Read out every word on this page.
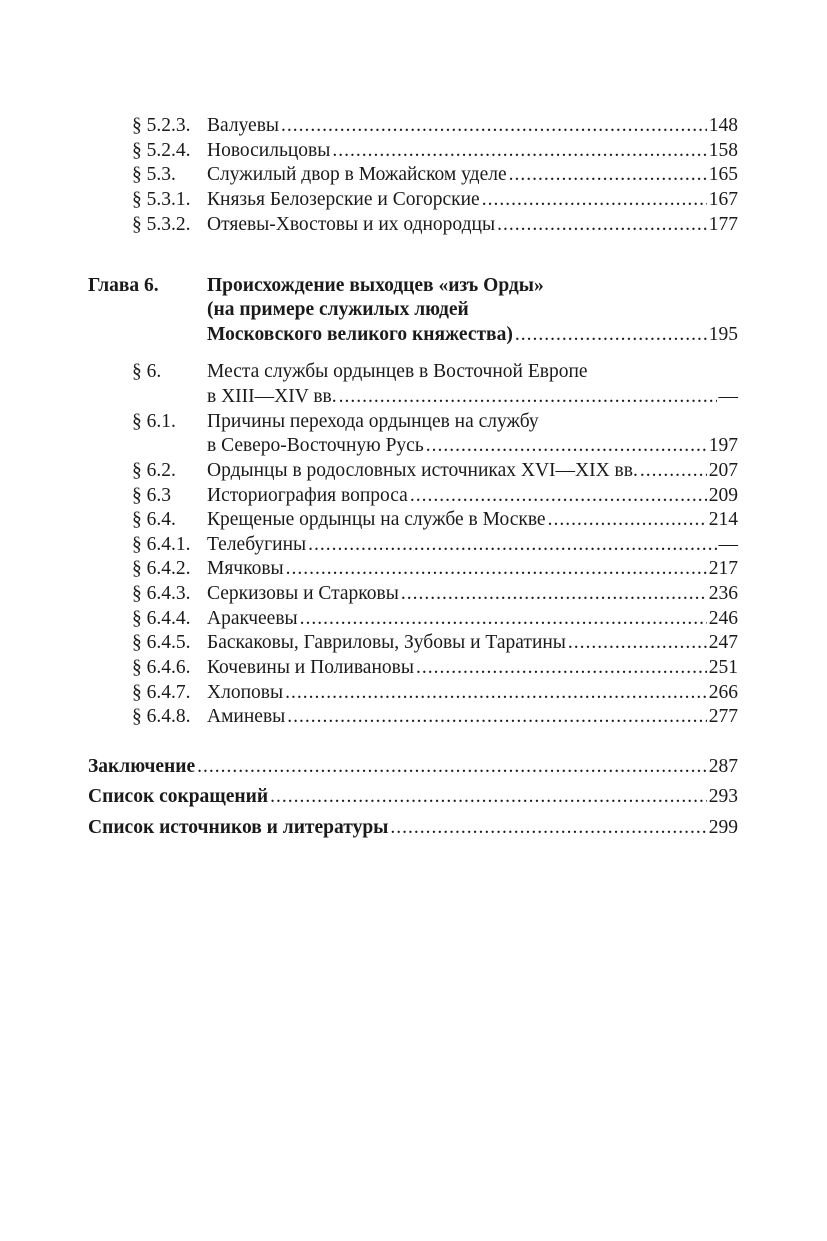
§ 5.2.3. Валуевы .....	148
§ 5.2.4. Новосильцовы .....	158
§ 5.3. Служилый двор в Можайском уделе .....	165
§ 5.3.1. Князья Белозерские и Согорские .....	167
§ 5.3.2. Отяевы-Хвостовы и их однородцы .....	177
Глава 6. Происхождение выходцев «изъ Орды»
(на примере служилых людей
Московского великого княжества) .....	195
§ 6. Места службы ордынцев в Восточной Европе
в XIII—XIV вв. .....	—
§ 6.1. Причины перехода ордынцев на службу
в Северо-Восточную Русь .....	197
§ 6.2. Ордынцы в родословных источниках XVI—XIX вв. .....	207
§ 6.3 Историография вопроса .....	209
§ 6.4. Крещеные ордынцы на службе в Москве .....	214
§ 6.4.1. Телебугины .....	—
§ 6.4.2. Мячковы .....	217
§ 6.4.3. Серкизовы и Старковы .....	236
§ 6.4.4. Аракчеевы .....	246
§ 6.4.5. Баскаковы, Гавриловы, Зубовы и Таратины .....	247
§ 6.4.6. Кочевины и Поливановы .....	251
§ 6.4.7. Хлоповы .....	266
§ 6.4.8. Аминевы .....	277
Заключение .....	287
Список сокращений .....	293
Список источников и литературы .....	299
